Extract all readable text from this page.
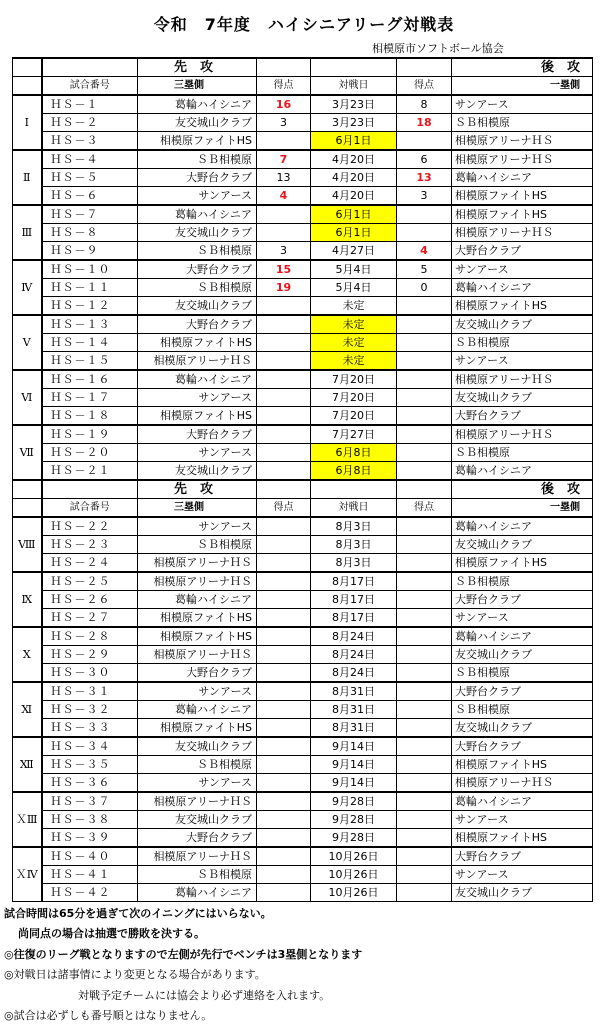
令和　7年度　ハイシニアリーグ対戦表
相模原市ソフトボール協会
		先　攻				後　攻
	試合番号	三塁側	得点	対戦日	得点	一塁側
Ⅰ	ＨＳ－１	葛輪ハイシニア	16	3月23日	8	サンアース
	ＨＳ－２	友交城山クラブ	3	3月23日	18	ＳＢ相模原
	ＨＳ－３	相模原ファイトHS		6月1日		相模原アリーナＨＳ
Ⅱ	ＨＳ－４	ＳＢ相模原	7	4月20日	6	相模原アリーナＨＳ
	ＨＳ－５	大野台クラブ	13	4月20日	13	葛輪ハイシニア
	ＨＳ－６	サンアース	4	4月20日	3	相模原ファイトHS
Ⅲ	ＨＳ－７	葛輪ハイシニア		6月1日		相模原ファイトHS
	ＨＳ－８	友交城山クラブ		6月1日		相模原アリーナＨＳ
	ＨＳ－９	ＳＢ相模原	3	4月27日	4	大野台クラブ
Ⅳ	ＨＳ－１０	大野台クラブ	15	5月4日	5	サンアース
	ＨＳ－１１	ＳＢ相模原	19	5月4日	0	葛輪ハイシニア
	ＨＳ－１２	友交城山クラブ		未定		相模原ファイトHS
Ⅴ	ＨＳ－１３	大野台クラブ		未定		友交城山クラブ
	ＨＳ－１４	相模原ファイトHS		未定		ＳＢ相模原
	ＨＳ－１５	相模原アリーナＨＳ		未定		サンアース
Ⅵ	ＨＳ－１６	葛輪ハイシニア		7月20日		相模原アリーナＨＳ
	ＨＳ－１７	サンアース		7月20日		友交城山クラブ
	ＨＳ－１８	相模原ファイトHS		7月20日		大野台クラブ
Ⅶ	ＨＳ－１９	大野台クラブ		7月27日		相模原アリーナＨＳ
	ＨＳ－２０	サンアース		6月8日		ＳＢ相模原
	ＨＳ－２１	友交城山クラブ		6月8日		葛輪ハイシニア
		先　攻				後　攻
	試合番号	三塁側	得点	対戦日	得点	一塁側
Ⅷ	ＨＳ－２２	サンアース		8月3日		葛輪ハイシニア
	ＨＳ－２３	ＳＢ相模原		8月3日		友交城山クラブ
	ＨＳ－２４	相模原アリーナＨＳ		8月3日		相模原ファイトHS
Ⅸ	ＨＳ－２５	相模原アリーナＨＳ		8月17日		ＳＢ相模原
	ＨＳ－２６	葛輪ハイシニア		8月17日		大野台クラブ
	ＨＳ－２７	相模原ファイトHS		8月17日		サンアース
Ⅹ	ＨＳ－２８	相模原ファイトHS		8月24日		葛輪ハイシニア
	ＨＳ－２９	相模原アリーナＨＳ		8月24日		友交城山クラブ
	ＨＳ－３０	大野台クラブ		8月24日		ＳＢ相模原
Ⅺ	ＨＳ－３１	サンアース		8月31日		大野台クラブ
	ＨＳ－３２	葛輪ハイシニア		8月31日		ＳＢ相模原
	ＨＳ－３３	相模原ファイトHS		8月31日		友交城山クラブ
Ⅻ	ＨＳ－３４	友交城山クラブ		9月14日		大野台クラブ
	ＨＳ－３５	ＳＢ相模原		9月14日		相模原ファイトHS
	ＨＳ－３６	サンアース		9月14日		相模原アリーナＨＳ
ＸⅢ	ＨＳ－３７	相模原アリーナＨＳ		9月28日		葛輪ハイシニア
	ＨＳ－３８	友交城山クラブ		9月28日		サンアース
	ＨＳ－３９	大野台クラブ		9月28日		相模原ファイトHS
ＸⅣ	ＨＳ－４０	相模原アリーナＨＳ		10月26日		大野台クラブ
	ＨＳ－４１	ＳＢ相模原		10月26日		サンアース
	ＨＳ－４２	葛輪ハイシニア		10月26日		友交城山クラブ
試合時間は65分を過ぎて次のイニングにはいらない。
尚同点の場合は抽選で勝敗を決する。
◎往復のリーグ戦となりますので左側が先行でベンチは3塁側となります
◎対戦日は諸事情により変更となる場合があります。
対戦予定チームには協会より必ず連絡を入れます。
◎試合は必ずしも番号順とはなりません。
